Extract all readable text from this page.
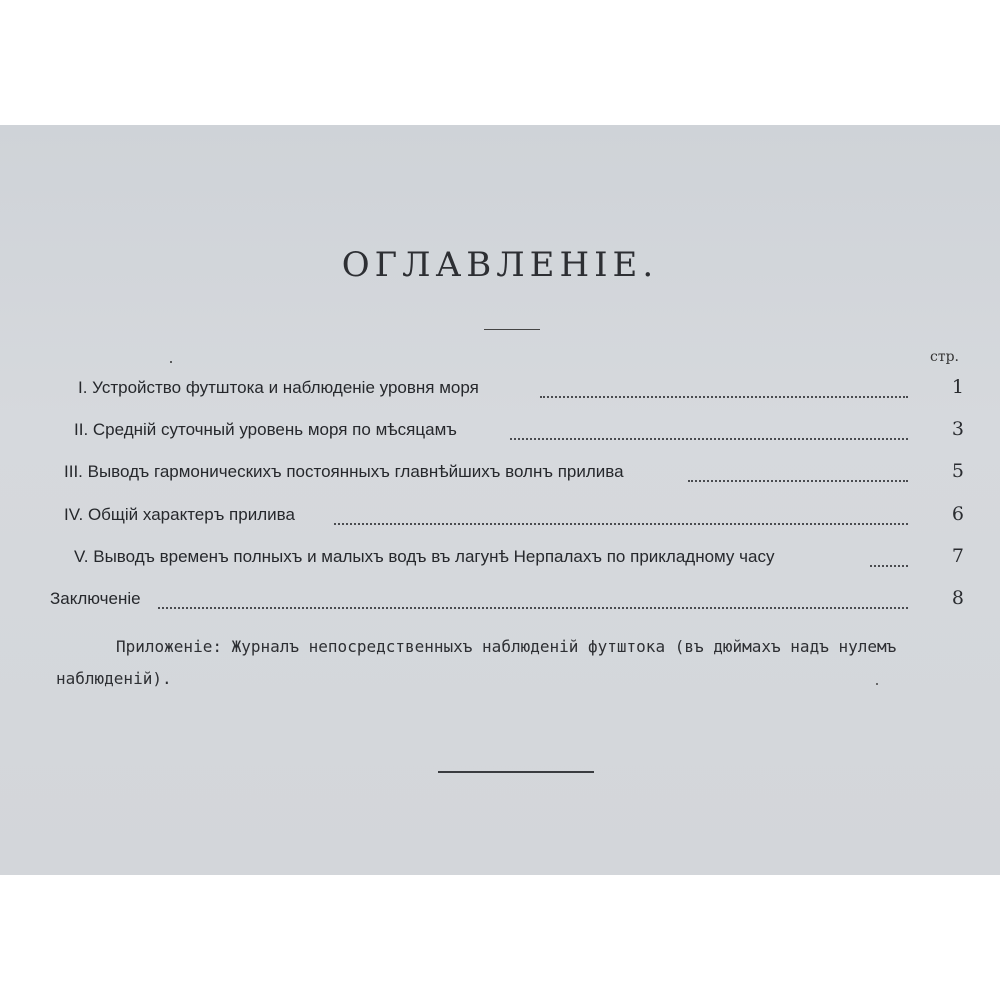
ОГЛАВЛЕНІЕ.
стр.
I. Устройство футштока и наблюденіе уровня моря	1
II. Средній суточный уровень моря по мѣсяцамъ	3
III. Выводъ гармоническихъ постоянныхъ главнѣйшихъ волнъ прилива	5
IV. Общій характеръ прилива	6
V. Выводъ временъ полныхъ и малыхъ водъ въ лагунѣ Нерпалахъ по прикладному часу	7
Заключеніе	8
Приложеніе: Журналъ непосредственныхъ наблюденій футштока (въ дюймахъ надъ нулемъ наблюденій).
